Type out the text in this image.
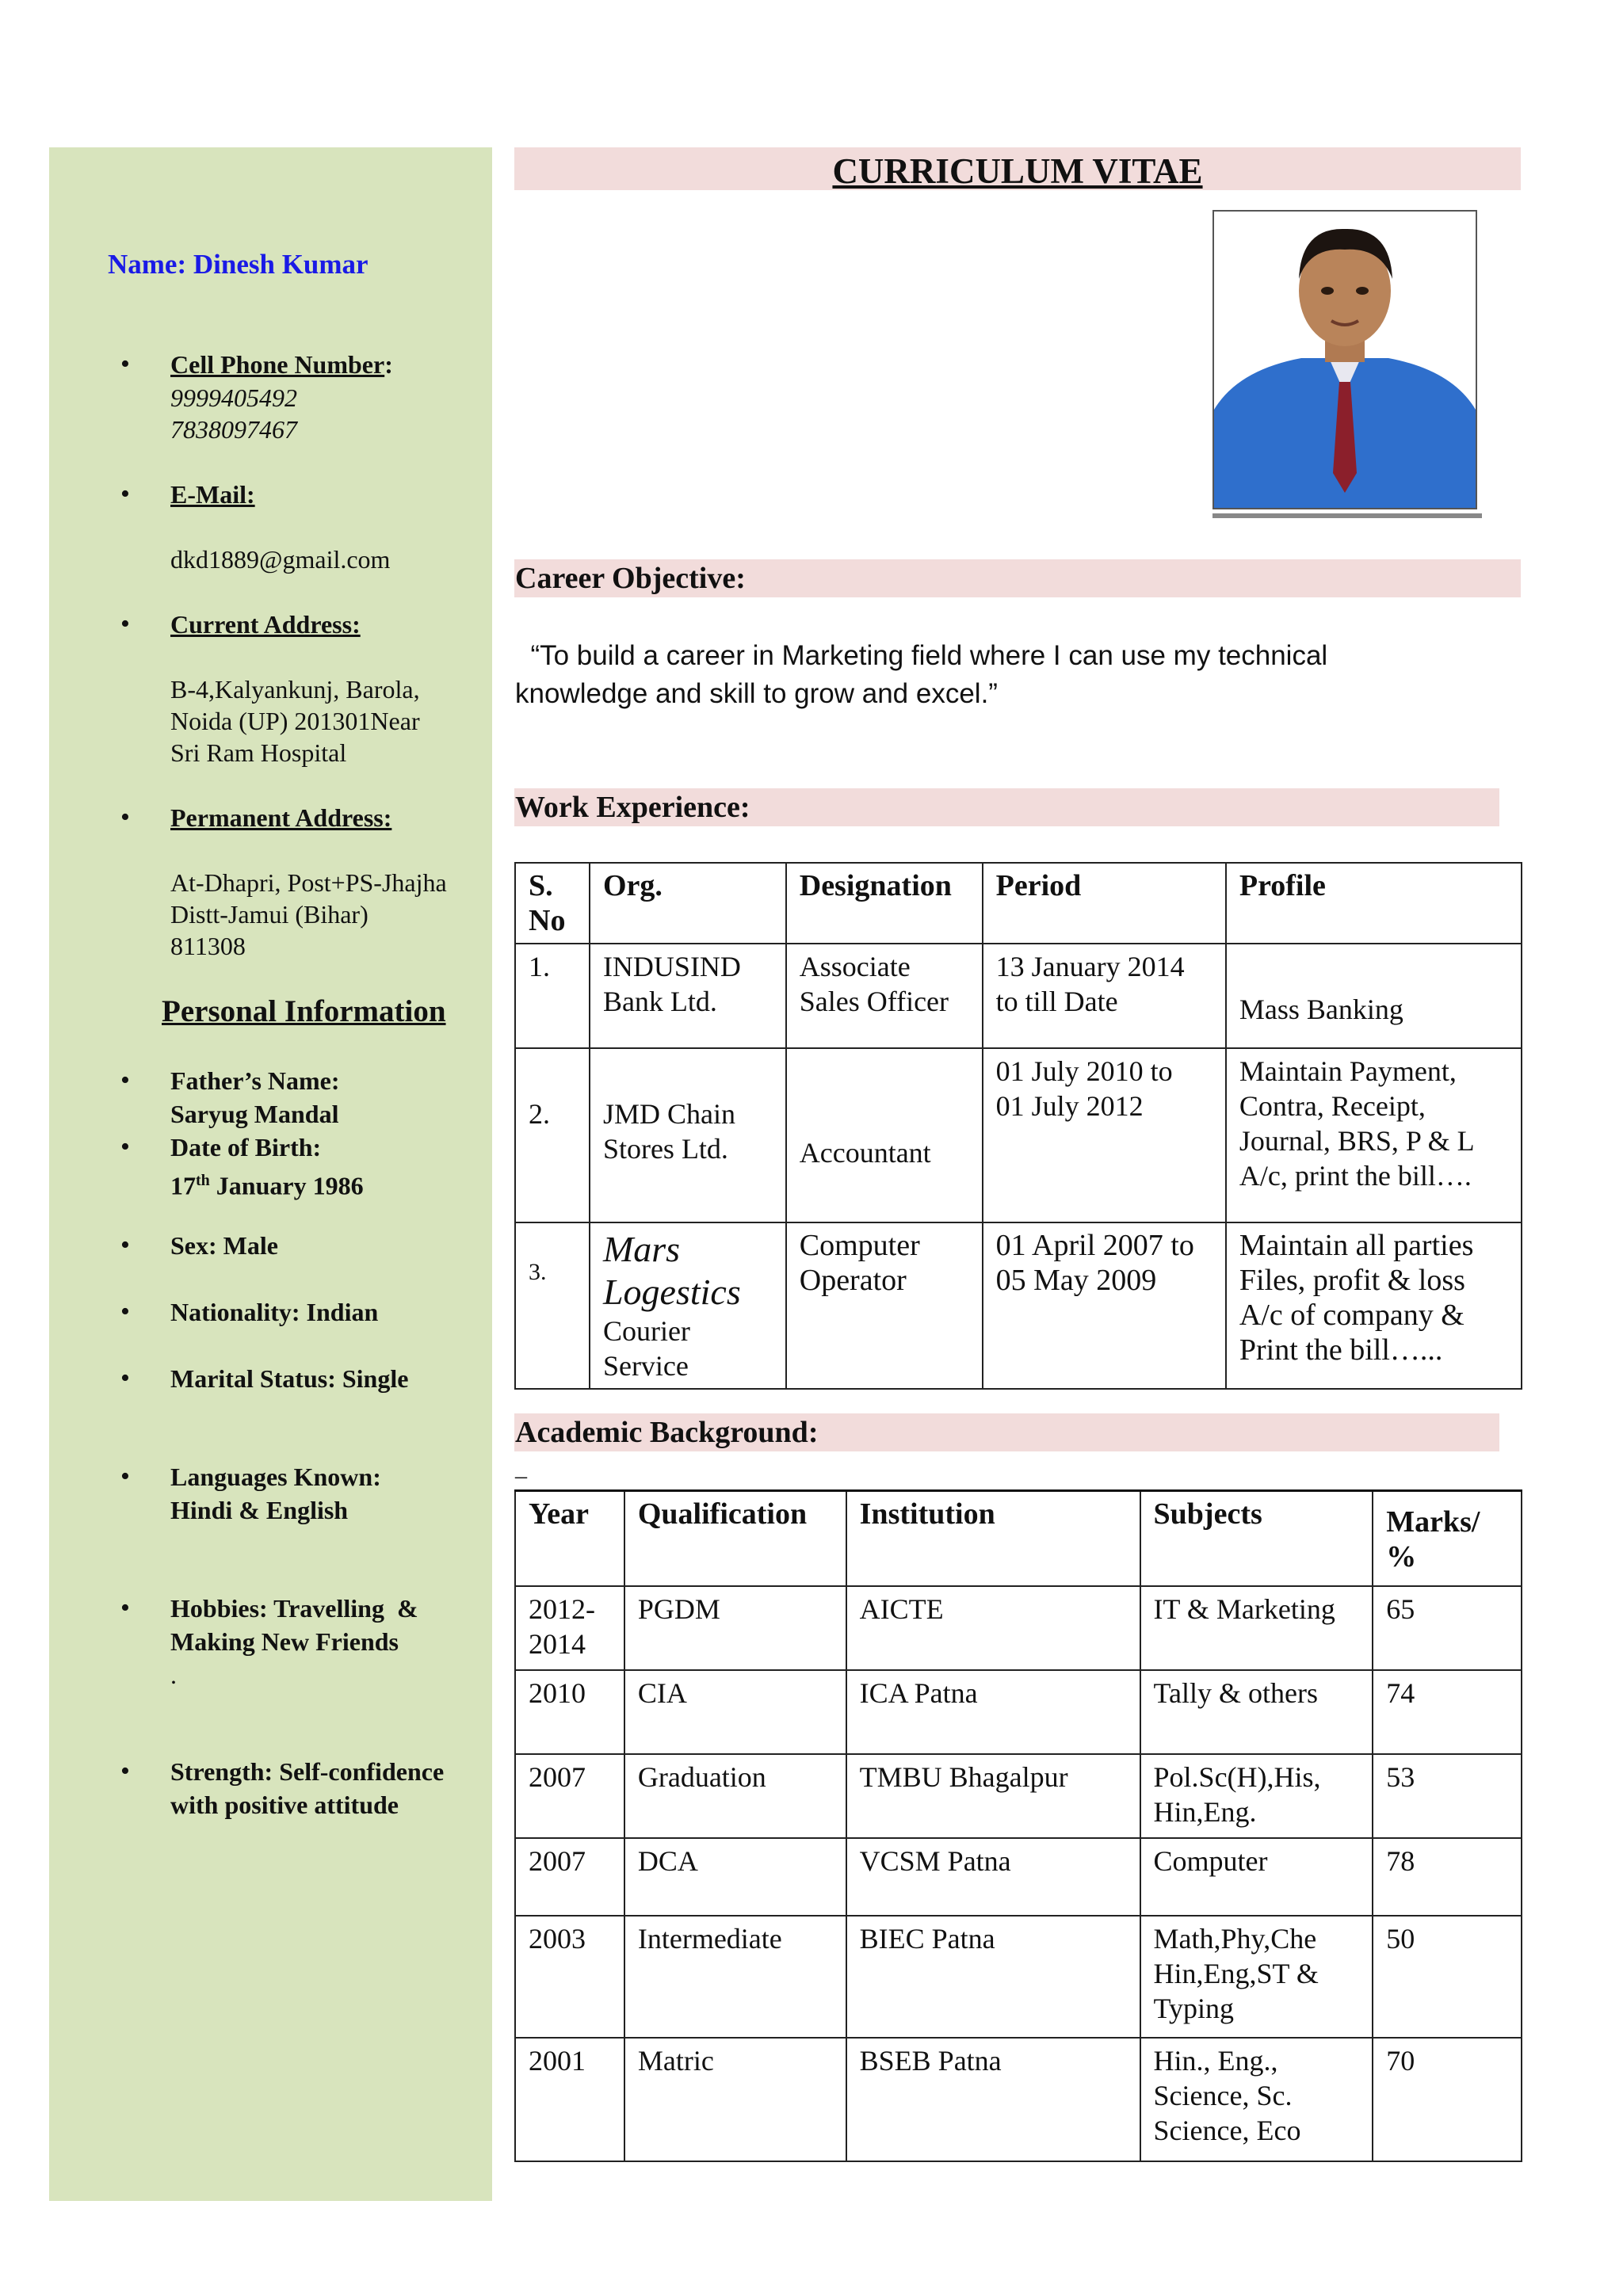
Name: Dinesh Kumar
• Cell Phone Number:
9999405492
7838097467
• E-Mail:
dkd1889@gmail.com
• Current Address:
B-4,Kalyankunj, Barola,
Noida (UP) 201301Near
Sri Ram Hospital
• Permanent Address:
At-Dhapri, Post+PS-Jhajha
Distt-Jamui (Bihar)
811308
Personal Information
• Father’s Name:
Saryug Mandal
• Date of Birth:
17th January 1986
• Sex: Male
• Nationality: Indian
• Marital Status: Single
• Languages Known:
Hindi & English
• Hobbies: Travelling  &
Making New Friends
.
• Strength: Self-confidence
with positive attitude
CURRICULUM VITAE
Career Objective:
“To build a career in Marketing field where I can use my technical
knowledge and skill to grow and excel.”
Work Experience:
S. No	Org.	Designation	Period	Profile
1.	INDUSIND Bank Ltd.	Associate Sales Officer	13 January 2014 to till Date	Mass Banking
2.	JMD Chain Stores Ltd.	Accountant	01 July 2010 to  01 July 2012	Maintain Payment, Contra, Receipt, Journal, BRS, P & L A/c, print the bill….
3.	Mars Logestics
Courier Service	Computer Operator	01 April 2007 to 05 May 2009	Maintain all parties  Files, profit & loss A/c of company & Print the bill…...
Academic Background:
_
Year	Qualification	Institution	Subjects	Marks/ %
2012-2014	PGDM	AICTE	IT & Marketing	65
2010	CIA	ICA Patna	Tally & others	74
2007	Graduation	TMBU Bhagalpur	Pol.Sc(H),His, Hin,Eng.	53
2007	DCA	VCSM Patna	Computer	78
2003	Intermediate	BIEC Patna	Math,Phy,Che Hin,Eng,ST & Typing	50
2001	Matric	BSEB Patna	Hin., Eng., Science, Sc. Science, Eco	70
